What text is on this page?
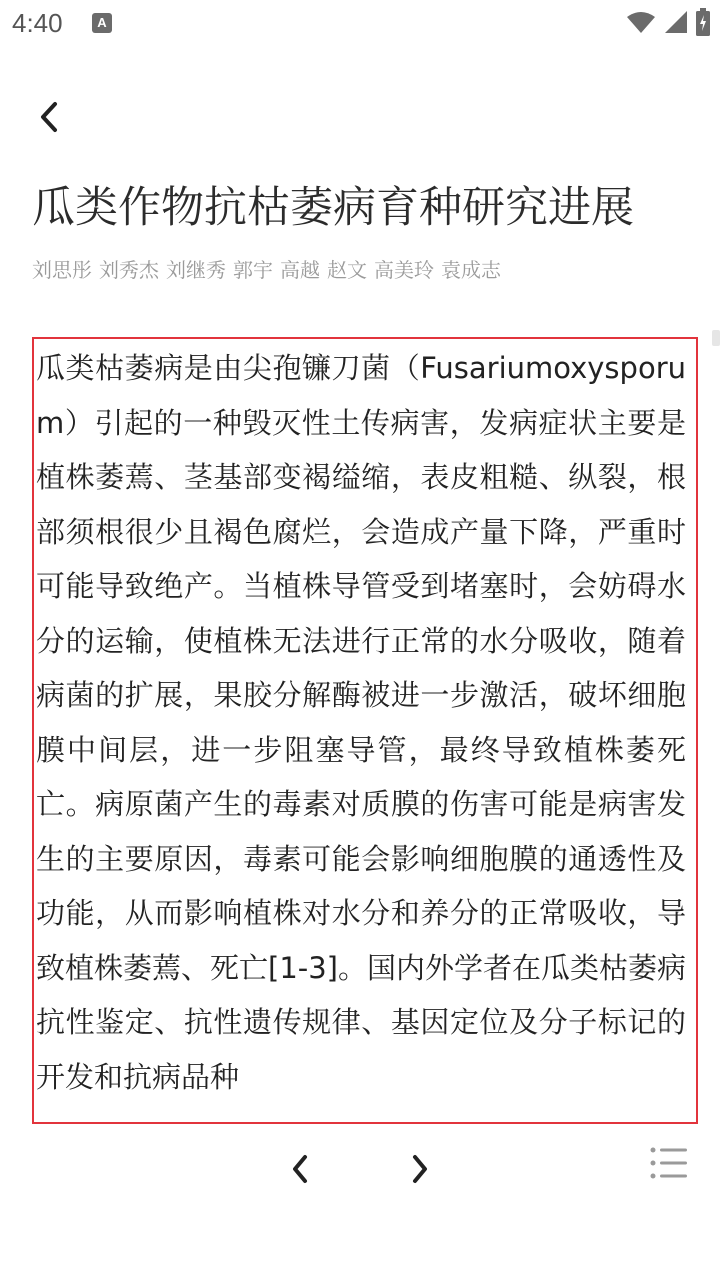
4:40	A
瓜类作物抗枯萎病育种研究进展
刘思彤 刘秀杰 刘继秀 郭宇 高越 赵文 高美玲 袁成志
瓜类枯萎病是由尖孢镰刀菌（Fusariumoxysporum）引起的一种毁灭性土传病害，发病症状主要是植株萎蔫、茎基部变褐缢缩，表皮粗糙、纵裂，根部须根很少且褐色腐烂，会造成产量下降，严重时可能导致绝产。当植株导管受到堵塞时，会妨碍水分的运输，使植株无法进行正常的水分吸收，随着病菌的扩展，果胶分解酶被进一步激活，破坏细胞膜中间层，进一步阻塞导管，最终导致植株萎死亡。病原菌产生的毒素对质膜的伤害可能是病害发生的主要原因，毒素可能会影响细胞膜的通透性及功能，从而影响植株对水分和养分的正常吸收，导致植株萎蔫、死亡[1-3]。国内外学者在瓜类枯萎病抗性鉴定、抗性遗传规律、基因定位及分子标记的开发和抗病品种
